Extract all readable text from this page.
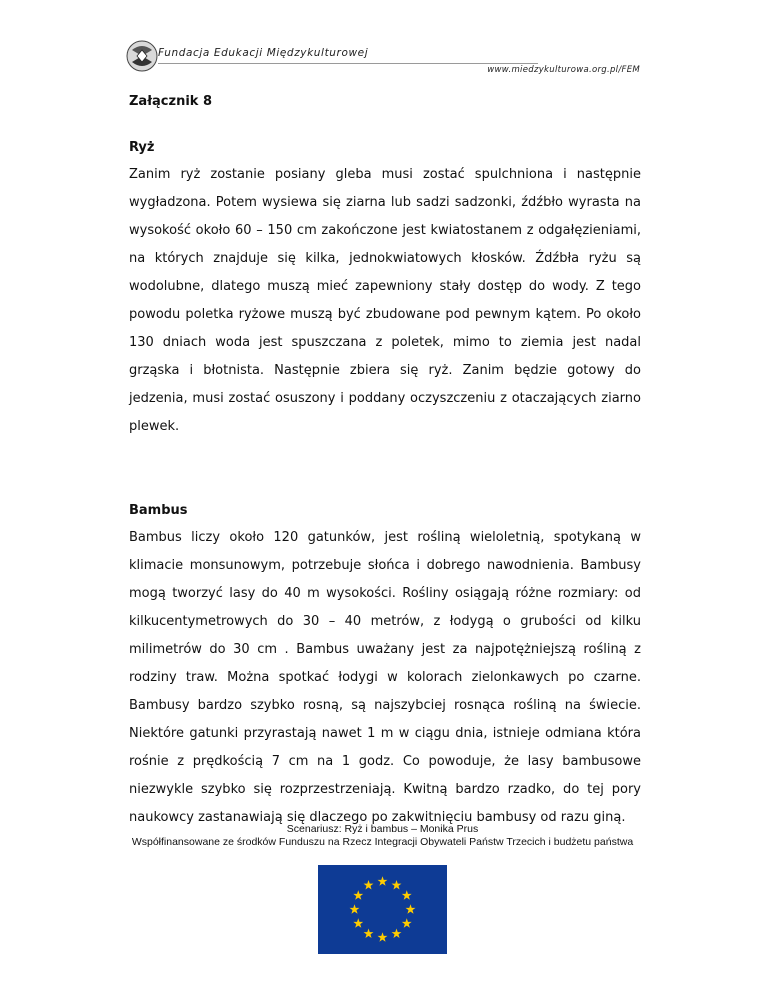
Fundacja Edukacji Międzykulturowej
www.miedzykulturowa.org.pl/FEM
Załącznik 8
Ryż

Zanim ryż zostanie posiany gleba musi zostać spulchniona i następnie wygładzona. Potem wysiewa się ziarna lub sadzi sadzonki, źdźbło wyrasta na wysokość około 60 – 150 cm zakończone jest kwiatostanem z odgałęzieniami, na których znajduje się kilka, jednokwiatowych kłosków. Źdźbła ryżu są wodolubne, dlatego muszą mieć zapewniony stały dostęp do wody. Z tego powodu poletka ryżowe muszą być zbudowane pod pewnym kątem. Po około 130 dniach woda jest spuszczana z poletek, mimo to ziemia jest nadal grząska i błotnista. Następnie zbiera się ryż. Zanim będzie gotowy do jedzenia, musi zostać osuszony i poddany oczyszczeniu z otaczających ziarno plewek.

Bambus

Bambus liczy około 120 gatunków, jest rośliną wieloletnią, spotykaną w klimacie monsunowym, potrzebuje słońca i dobrego nawodnienia. Bambusy mogą tworzyć lasy do 40 m wysokości. Rośliny osiągają różne rozmiary: od kilkucentymetrowych do 30 – 40 metrów, z łodygą o grubości od kilku milimetrów do 30 cm . Bambus uważany jest za najpotężniejszą rośliną z rodziny traw. Można spotkać łodygi w kolorach zielonkawych po czarne. Bambusy bardzo szybko rosną, są najszybciej rosnąca rośliną na świecie. Niektóre gatunki przyrastają nawet 1 m w ciągu dnia, istnieje odmiana która rośnie z prędkością 7 cm na 1 godz. Co powoduje, że lasy bambusowe niezwykle szybko się rozprzestrzeniają. Kwitną bardzo rzadko, do tej pory naukowcy zastanawiają się dlaczego po zakwitnięciu bambusy od razu giną.

Scenariusz: Ryż i bambus – Monika Prus
Współfinansowane ze środków Funduszu na Rzecz Integracji Obywateli Państw Trzecich i budżetu państwa
